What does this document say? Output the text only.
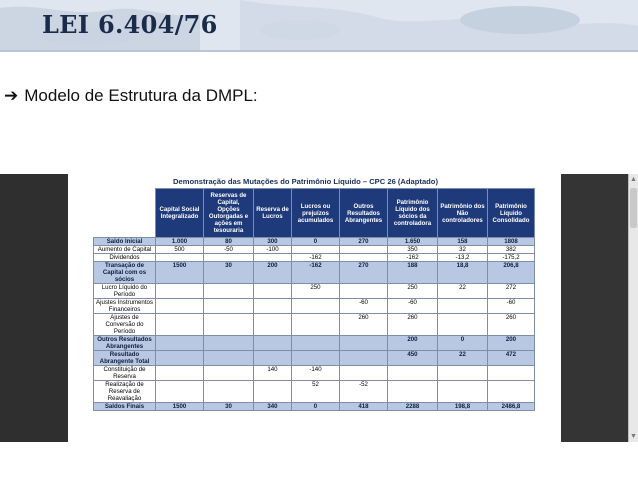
LEI 6.404/76
➔ Modelo de Estrutura da DMPL:
▲
▼
Demonstração das Mutações do Patrimônio Líquido – CPC 26 (Adaptado)
	Capital Social Integralizado	Reservas de Capital, Opções Outorgadas e ações em tesouraria	Reserva de Lucros	Lucros ou prejuízos acumulados	Outros Resultados Abrangentes	Patrimônio Líquido dos sócios da controladora	Patrimônio dos Não controladores	Patrimônio Líquido Consolidado
Saldo Inicial	1.000	80	300	0	270	1.650	158	1808
Aumento de Capital	500	-50	-100			350	32	382
Dividendos				-162		-162	-13,2	-175,2
Transação de Capital com os sócios	1500	30	200	-162	270	188	18,8	206,8
Lucro Líquido do Período				250		250	22	272
Ajustes Instrumentos Financeiros					-60	-60		-60
Ajustes de Conversão do Período					260	260		260
Outros Resultados Abrangentes						200	0	200
Resultado Abrangente Total						450	22	472
Constituição de Reserva			140	-140				
Realização de Reserva de Reavaliação				52	-52			
Saldos Finais	1500	30	340	0	418	2288	198,8	2486,8
